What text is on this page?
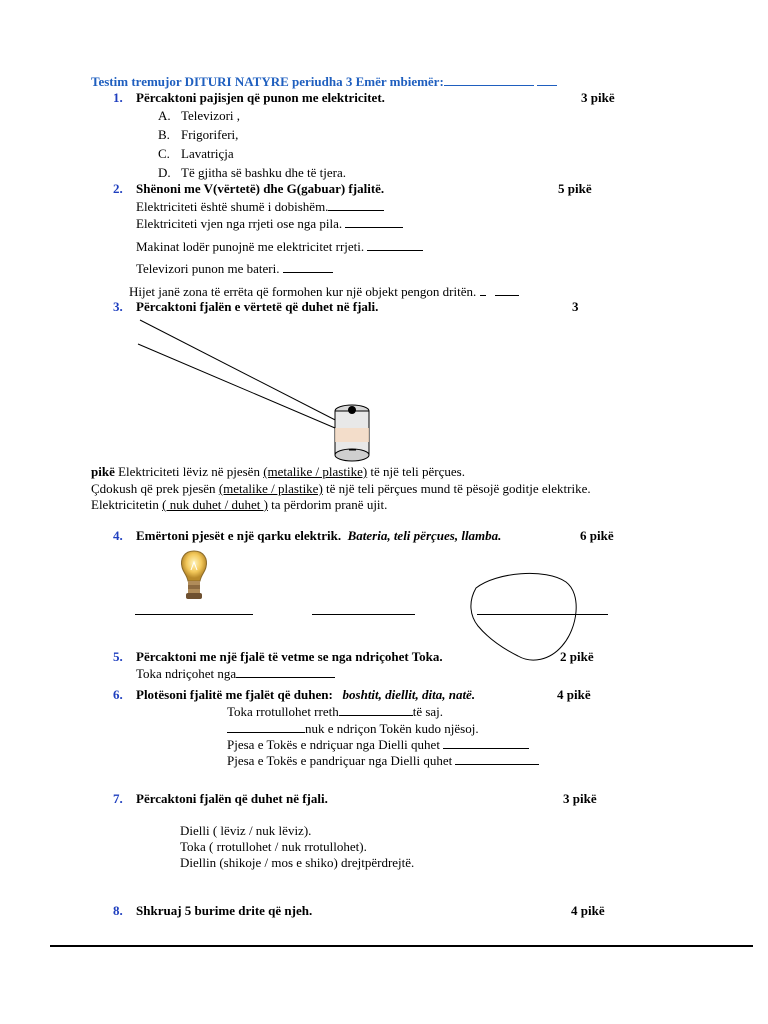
Testim tremujor DITURI NATYRE periudha 3 Emër mbiemër:
1. Përcaktoni pajisjen që punon me elektricitet.	3 pikë
A. Televizori ,
B. Frigoriferi,
C. Lavatriçja
D. Të gjitha së bashku dhe të tjera.
2. Shënoni me V(vërtetë) dhe G(gabuar) fjalitë.	5 pikë
Elektriciteti është shumë i dobishëm.
Elektriciteti vjen nga rrjeti ose nga pila.
Makinat lodër punojnë me elektricitet rrjeti.
Televizori punon me bateri.
Hijet janë zona të errëta që formohen kur një objekt pengon dritën.
3. Përcaktoni fjalën e vërtetë që duhet në fjali.	3
pikë Elektriciteti lëviz në pjesën (metalike / plastike) të një teli përçues.
Çdokush që prek pjesën (metalike / plastike) të një teli përçues mund të pësojë goditje elektrike.
Elektricitetin ( nuk duhet / duhet ) ta përdorim pranë ujit.
4. Emërtoni pjesët e një qarku elektrik. Bateria, teli përçues, llamba.	6 pikë
5. Përcaktoni me një fjalë të vetme se nga ndriçohet Toka.	2 pikë
Toka ndriçohet nga
6. Plotësoni fjalitë me fjalët që duhen: boshtit, diellit, dita, natë.	4 pikë
Toka rrotullohet rreth	të saj.
nuk e ndriçon Tokën kudo njësoj.
Pjesa e Tokës e ndriçuar nga Dielli quhet
Pjesa e Tokës e pandriçuar nga Dielli quhet
7. Përcaktoni fjalën që duhet në fjali.	3 pikë
Dielli ( lëviz / nuk lëviz).
Toka ( rrotullohet / nuk rrotullohet).
Diellin (shikoje / mos e shiko) drejtpërdrejtë.
8. Shkruaj 5 burime drite që njeh.	4 pikë
